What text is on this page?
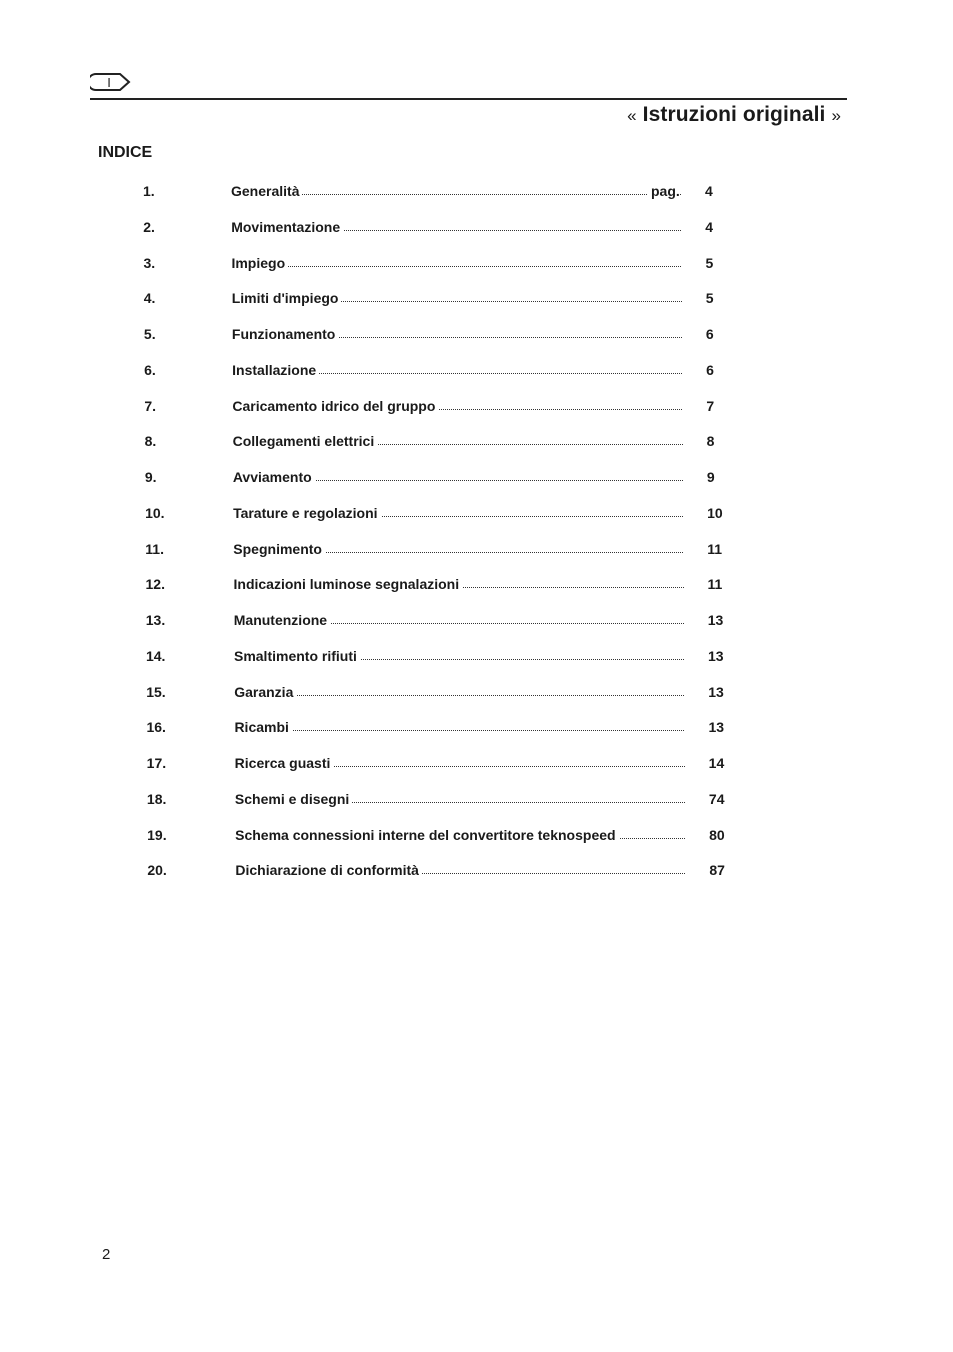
I
« Istruzioni originali »
INDICE
1.	Generalità	pag. 4
2.	Movimentazione	4
3.	Impiego	5
4.	Limiti d'impiego	5
5.	Funzionamento	6
6.	Installazione	6
7.	Caricamento idrico del gruppo	7
8.	Collegamenti elettrici	8
9.	Avviamento	9
10.	Tarature e regolazioni	10
11.	Spegnimento	11
12.	Indicazioni luminose segnalazioni	11
13.	Manutenzione	13
14.	Smaltimento rifiuti	13
15.	Garanzia	13
16.	Ricambi	13
17.	Ricerca guasti	14
18.	Schemi e disegni	74
19.	Schema connessioni interne del convertitore teknospeed	80
20.	Dichiarazione di conformità	87
2
